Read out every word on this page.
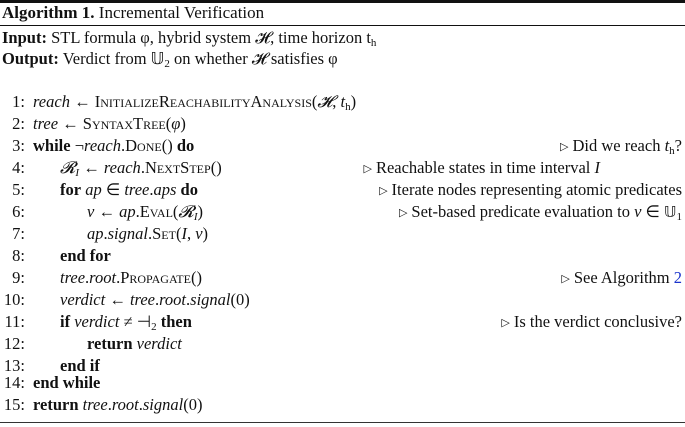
Algorithm 1. Incremental Verification
Input: STL formula φ, hybrid system 𝓗, time horizon $t_h$
Output: Verdict from 𝕌$_2$ on whether 𝓗 satisfies φ
1: reach ← InitializeReachabilityAnalysis(𝓗, $t_h$)
2: tree ← SyntaxTree(φ)
3: while ¬reach.Done() do	▷ Did we reach $t_h$?
4: 𝓡$_I$ ← reach.NextStep()	▷ Reachable states in time interval I
5: for ap ∈ tree.aps do	▷ Iterate nodes representing atomic predicates
6:	v ← ap.Eval(𝓡$_I$)	▷ Set-based predicate evaluation to v ∈ 𝕌$_1$
7:	ap.signal.Set(I, v)
8: end for
9: tree.root.Propagate()	▷ See Algorithm 2
10: verdict ← tree.root.signal(0)
11: if verdict ≠ $⊣_2$ then	▷ Is the verdict conclusive?
12:	return verdict
13: end if
14: end while
15: return tree.root.signal(0)
